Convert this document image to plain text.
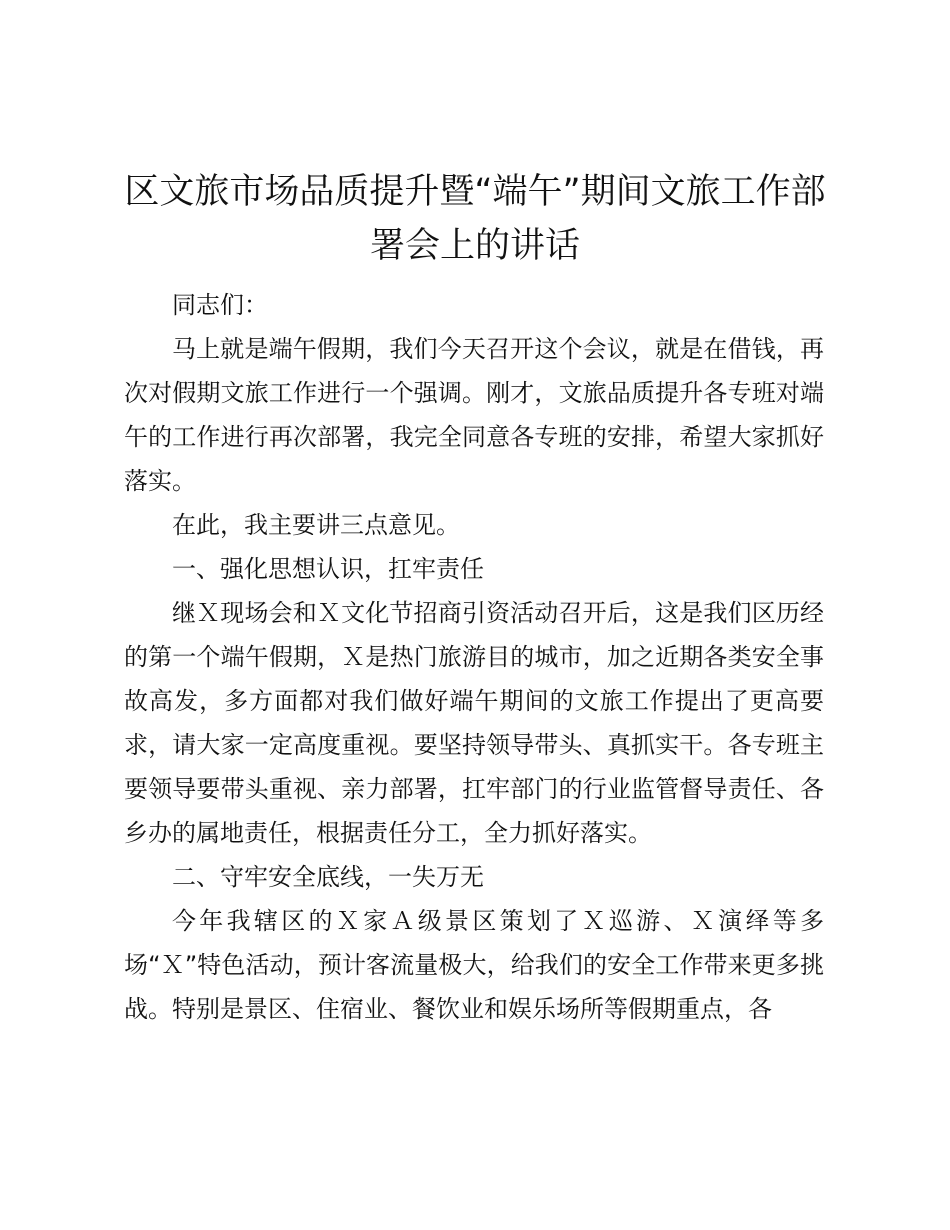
区文旅市场品质提升暨“端午”期间文旅工作部署会上的讲话

同志们：

马上就是端午假期，我们今天召开这个会议，就是在借钱，再次对假期文旅工作进行一个强调。刚才，文旅品质提升各专班对端午的工作进行再次部署，我完全同意各专班的安排，希望大家抓好落实。

在此，我主要讲三点意见。

一、强化思想认识，扛牢责任

继Ｘ现场会和Ｘ文化节招商引资活动召开后，这是我们区历经的第一个端午假期，Ｘ是热门旅游目的城市，加之近期各类安全事故高发，多方面都对我们做好端午期间的文旅工作提出了更高要求，请大家一定高度重视。要坚持领导带头、真抓实干。各专班主要领导要带头重视、亲力部署，扛牢部门的行业监管督导责任、各乡办的属地责任，根据责任分工，全力抓好落实。

二、守牢安全底线，一失万无

今年我辖区的Ｘ家Ａ级景区策划了Ｘ巡游、Ｘ演绎等多场“Ｘ”特色活动，预计客流量极大，给我们的安全工作带来更多挑战。特别是景区、住宿业、餐饮业和娱乐场所等假期重点，各
